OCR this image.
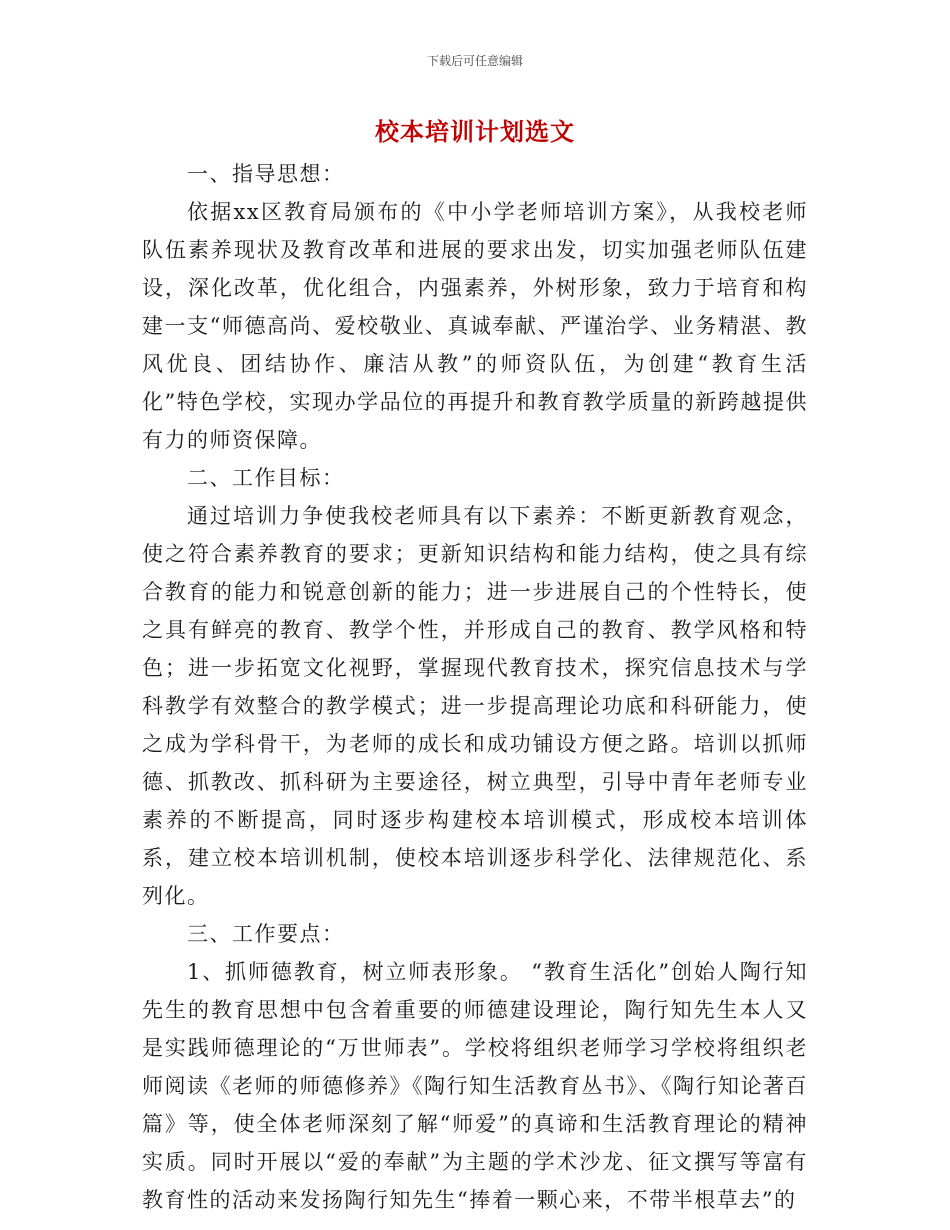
下载后可任意编辑
校本培训计划选文

一、指导思想：

依据xx区教育局颁布的《中小学老师培训方案》，从我校老师队伍素养现状及教育改革和进展的要求出发，切实加强老师队伍建设，深化改革，优化组合，内强素养，外树形象，致力于培育和构建一支“师德高尚、爱校敬业、真诚奉献、严谨治学、业务精湛、教风优良、团结协作、廉洁从教”的师资队伍，为创建“教育生活化”特色学校，实现办学品位的再提升和教育教学质量的新跨越提供有力的师资保障。

二、工作目标：

通过培训力争使我校老师具有以下素养：不断更新教育观念，使之符合素养教育的要求；更新知识结构和能力结构，使之具有综合教育的能力和锐意创新的能力；进一步进展自己的个性特长，使之具有鲜亮的教育、教学个性，并形成自己的教育、教学风格和特色；进一步拓宽文化视野，掌握现代教育技术，探究信息技术与学科教学有效整合的教学模式；进一步提高理论功底和科研能力，使之成为学科骨干，为老师的成长和成功铺设方便之路。培训以抓师德、抓教改、抓科研为主要途径，树立典型，引导中青年老师专业素养的不断提高，同时逐步构建校本培训模式，形成校本培训体系，建立校本培训机制，使校本培训逐步科学化、法律规范化、系列化。

三、工作要点：

1、抓师德教育，树立师表形象。 “教育生活化”创始人陶行知先生的教育思想中包含着重要的师德建设理论，陶行知先生本人又是实践师德理论的“万世师表”。学校将组织老师学习学校将组织老师阅读《老师的师德修养》《陶行知生活教育丛书》、《陶行知论著百篇》等，使全体老师深刻了解“师爱”的真谛和生活教育理论的精神实质。同时开展以“爱的奉献”为主题的学术沙龙、征文撰写等富有教育性的活动来发扬陶行知先生“捧着一颗心来，不带半根草去”的
